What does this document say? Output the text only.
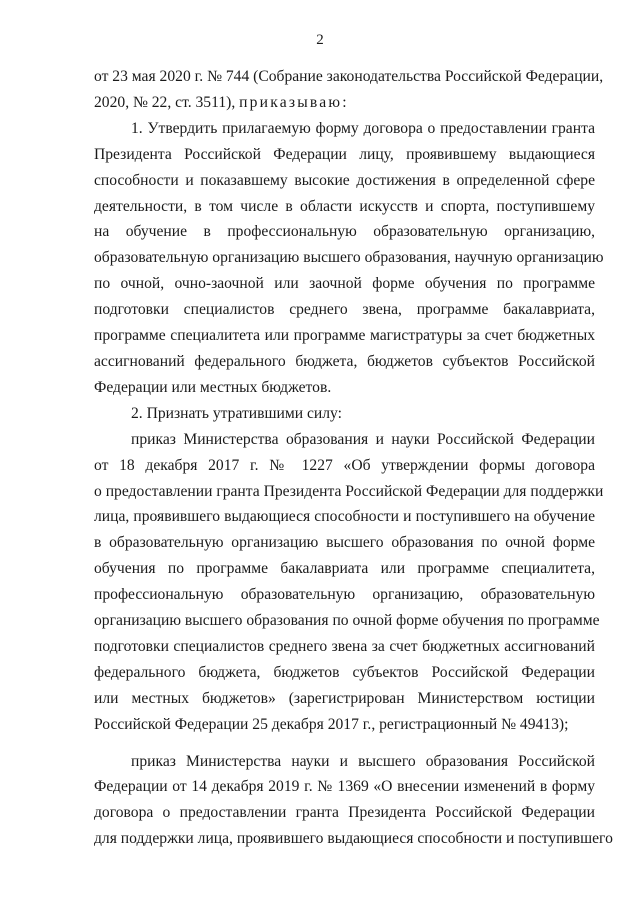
2
от 23 мая 2020 г. № 744 (Собрание законодательства Российской Федерации,
2020, № 22, ст. 3511), приказываю:
1. Утвердить прилагаемую форму договора о предоставлении гранта
Президента Российской Федерации лицу, проявившему выдающиеся
способности и показавшему высокие достижения в определенной сфере
деятельности, в том числе в области искусств и спорта, поступившему
на обучение в профессиональную образовательную организацию,
образовательную организацию высшего образования, научную организацию
по очной, очно-заочной или заочной форме обучения по программе
подготовки специалистов среднего звена, программе бакалавриата,
программе специалитета или программе магистратуры за счет бюджетных
ассигнований федерального бюджета, бюджетов субъектов Российской
Федерации или местных бюджетов.
2. Признать утратившими силу:
приказ Министерства образования и науки Российской Федерации
от 18 декабря 2017 г. № 1227 «Об утверждении формы договора
о предоставлении гранта Президента Российской Федерации для поддержки
лица, проявившего выдающиеся способности и поступившего на обучение
в образовательную организацию высшего образования по очной форме
обучения по программе бакалавриата или программе специалитета,
профессиональную образовательную организацию, образовательную
организацию высшего образования по очной форме обучения по программе
подготовки специалистов среднего звена за счет бюджетных ассигнований
федерального бюджета, бюджетов субъектов Российской Федерации
или местных бюджетов» (зарегистрирован Министерством юстиции
Российской Федерации 25 декабря 2017 г., регистрационный № 49413);
приказ Министерства науки и высшего образования Российской
Федерации от 14 декабря 2019 г. № 1369 «О внесении изменений в форму
договора о предоставлении гранта Президента Российской Федерации
для поддержки лица, проявившего выдающиеся способности и поступившего
